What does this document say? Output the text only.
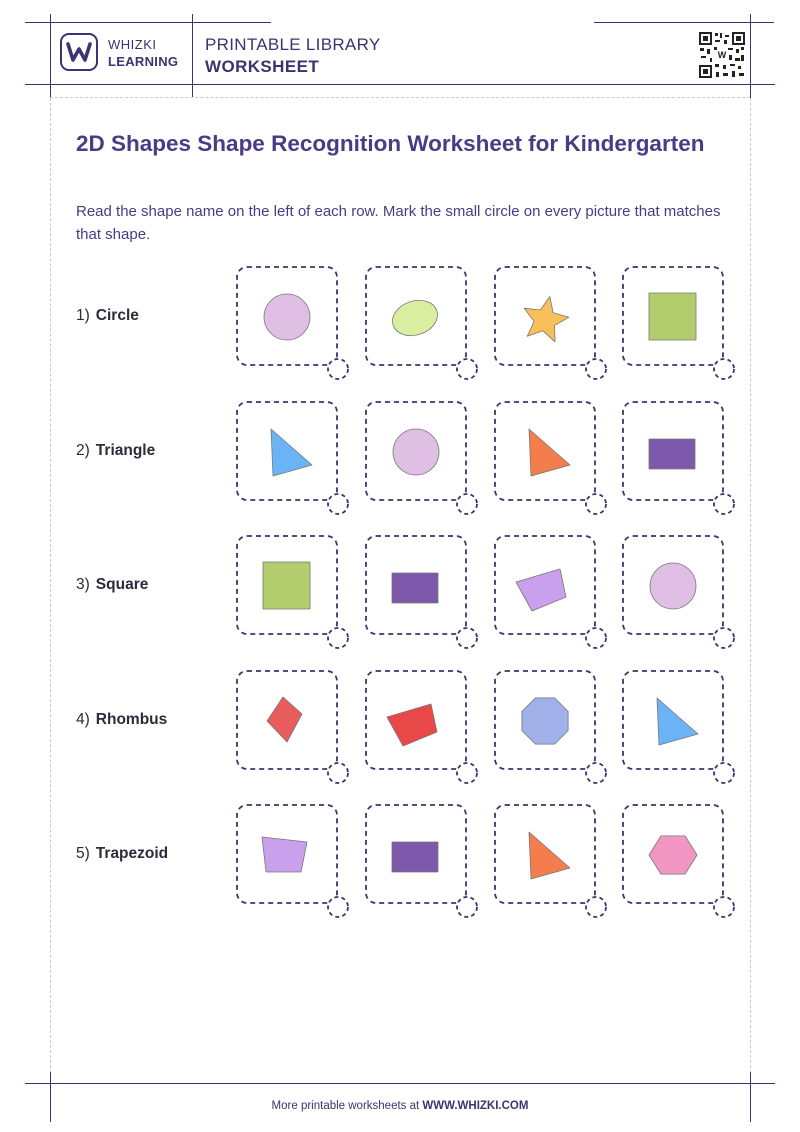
WHIZKI
LEARNING
PRINTABLE LIBRARY
WORKSHEET
W
2D Shapes Shape Recognition Worksheet for Kindergarten
Read the shape name on the left of each row. Mark the small circle on every picture that matches that shape.
1) Circle
2) Triangle
3) Square
4) Rhombus
5) Trapezoid
More printable worksheets at WWW.WHIZKI.COM
